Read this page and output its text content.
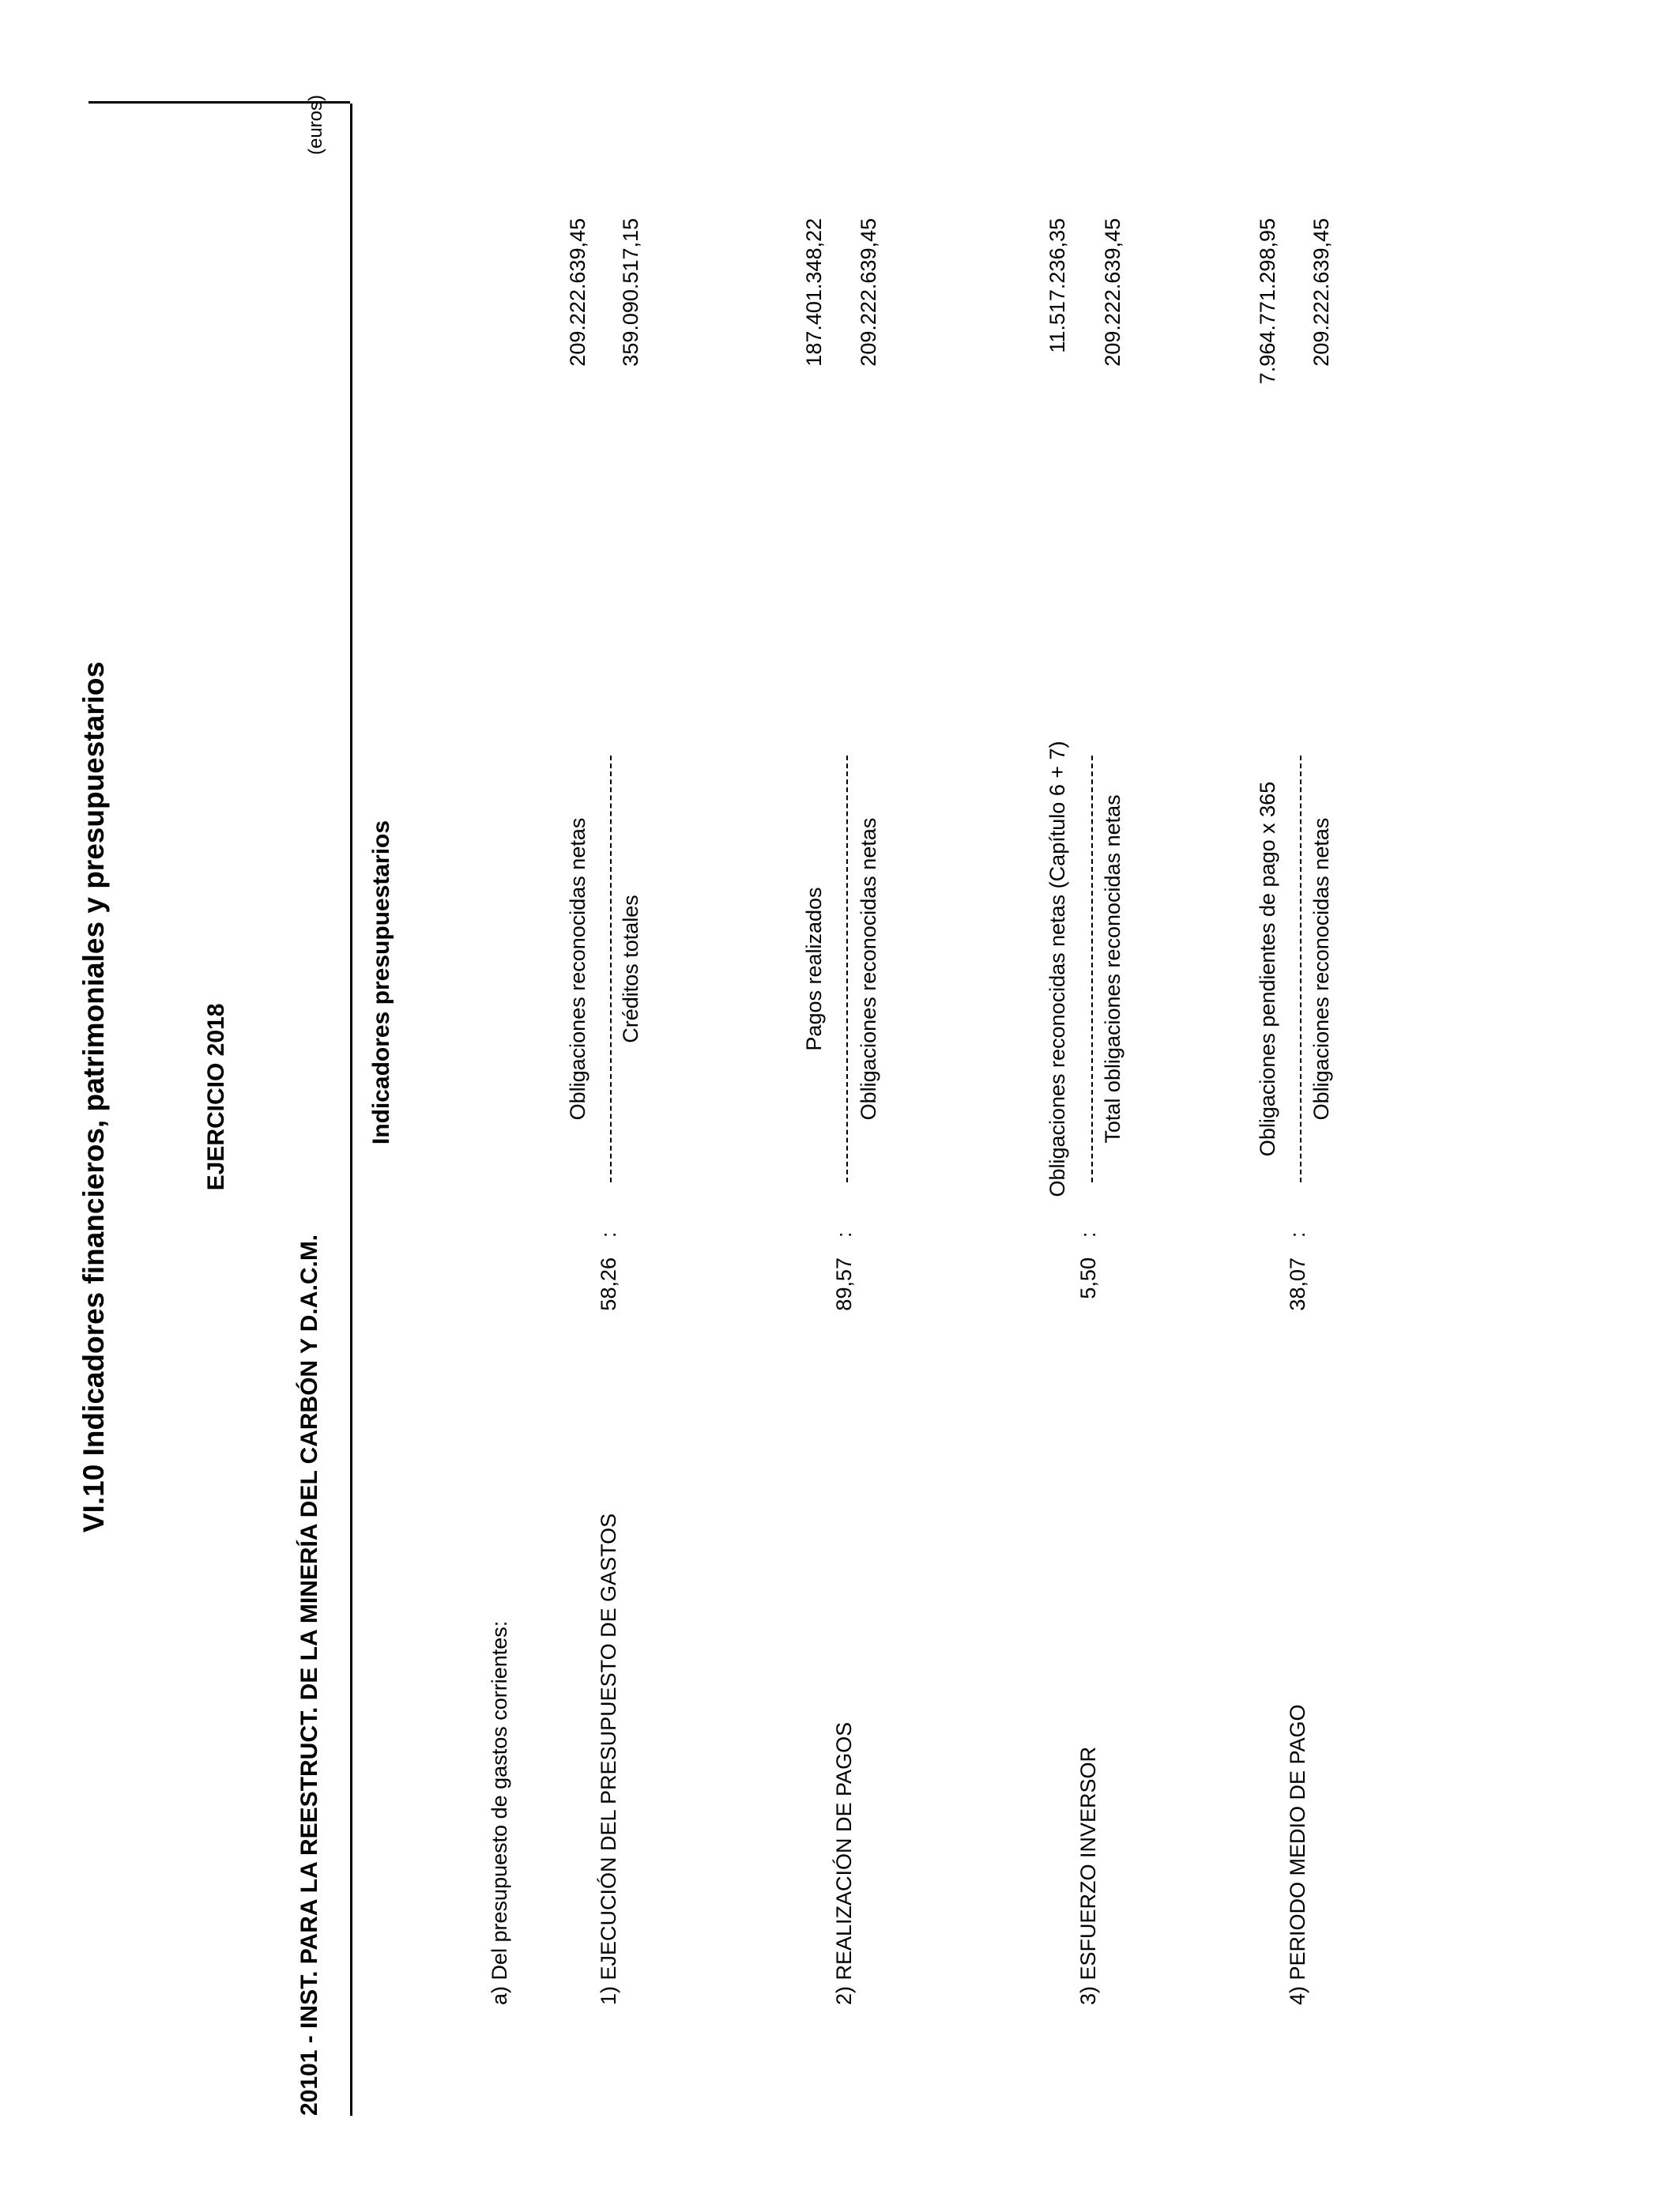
VI.10 Indicadores financieros, patrimoniales y presupuestarios	EJERCICIO 2018
20101 - INST. PARA LA REESTRUCT. DE LA MINERÍA DEL CARBÓN Y D.A.C.M.
(euros)
Indicadores presupuestarios
a) Del presupuesto de gastos corrientes:	1) EJECUCIÓN DEL PRESUPUESTO DE GASTOS
58,26
:
Obligaciones reconocidas netas Créditos totales
209.222.639,45 359.090.517,15
2) REALIZACIÓN DE PAGOS
89,57
:
Pagos realizados Obligaciones reconocidas netas
187.401.348,22 209.222.639,45
3) ESFUERZO INVERSOR
5,50
:
Obligaciones reconocidas netas (Capítulo 6 + 7) Total obligaciones reconocidas netas
11.517.236,35 209.222.639,45
4) PERIODO MEDIO DE PAGO
38,07
:
Obligaciones pendientes de pago x 365 Obligaciones reconocidas netas
7.964.771.298,95 209.222.639,45
